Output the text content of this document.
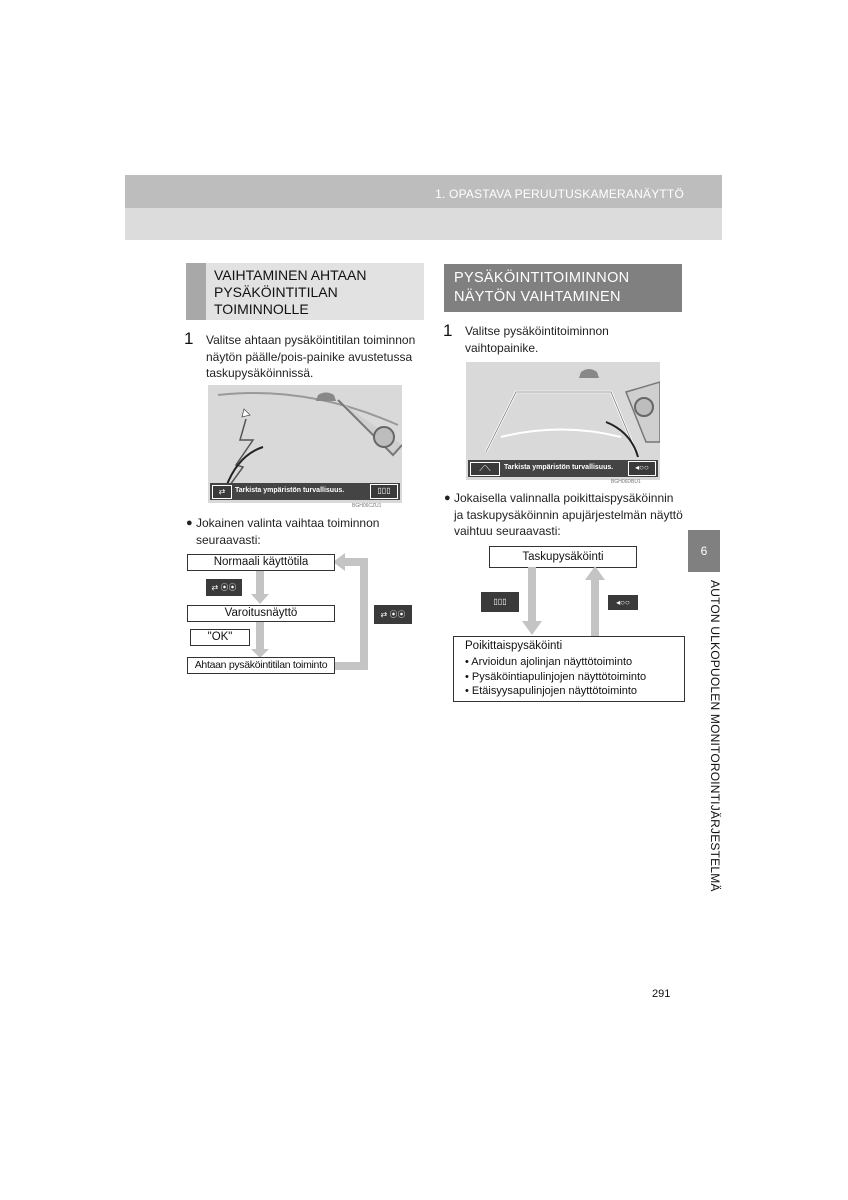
1. OPASTAVA PERUUTUSKAMERANÄYTTÖ
VAIHTAMINEN AHTAAN PYSÄKÖINTITILAN TOIMINNOLLE
PYSÄKÖINTITOIMINNON NÄYTÖN VAIHTAMINEN
1 Valitse ahtaan pysäköintitilan toiminnon näytön päälle/pois-painike avustetussa taskupysäköinnissä.
1 Valitse pysäköintitoiminnon vaihtopainike.
⇄	Tarkista ympäristön turvallisuus.	▯▯▯
BGH06CZU1
⟋⟍	Tarkista ympäristön turvallisuus.	◂○○
BGH06DBU1
● Jokainen valinta vaihtaa toiminnon seuraavasti:
Normaali käyttötila
⇄ ⦿⦿
Varoitusnäyttö
"OK"
Ahtaan pysäköintitilan toiminto
⇄ ⦿⦿
● Jokaisella valinnalla poikittaispysäköinnin ja taskupysäköinnin apujärjestelmän näyttö vaihtuu seuraavasti:
Taskupysäköinti
▯▯▯	◂○○
Poikittaispysäköinti
• Arvioidun ajolinjan näyttötoiminto
• Pysäköintiapulinjojen näyttötoiminto
• Etäisyysapulinjojen näyttötoiminto
6
AUTON ULKOPUOLEN MONITOROINTIJÄRJESTELMÄ
291
